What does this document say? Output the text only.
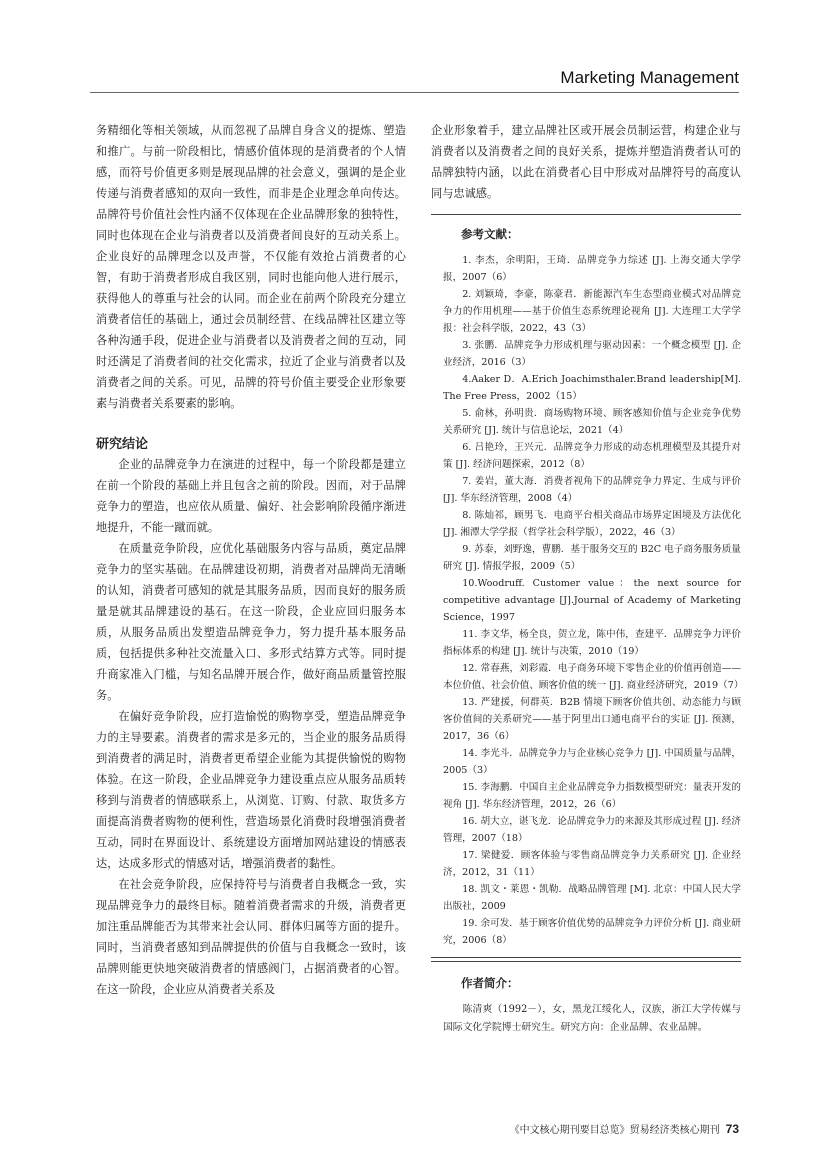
Marketing Management

务精细化等相关领域，从而忽视了品牌自身含义的提炼、塑造和推广。与前一阶段相比，情感价值体现的是消费者的个人情感，而符号价值更多则是展现品牌的社会意义，强调的是企业传递与消费者感知的双向一致性，而非是企业理念单向传达。品牌符号价值社会性内涵不仅体现在企业品牌形象的独特性，同时也体现在企业与消费者以及消费者间良好的互动关系上。企业良好的品牌理念以及声誉，不仅能有效抢占消费者的心智，有助于消费者形成自我区别，同时也能向他人进行展示，获得他人的尊重与社会的认同。而企业在前两个阶段充分建立消费者信任的基础上，通过会员制经营、在线品牌社区建立等各种沟通手段，促进企业与消费者以及消费者之间的互动，同时还满足了消费者间的社交化需求，拉近了企业与消费者以及消费者之间的关系。可见，品牌的符号价值主要受企业形象要素与消费者关系要素的影响。

研究结论

企业的品牌竞争力在演进的过程中，每一个阶段都是建立在前一个阶段的基础上并且包含之前的阶段。因而，对于品牌竞争力的塑造，也应依从质量、偏好、社会影响阶段循序渐进地提升，不能一蹴而就。

在质量竞争阶段，应优化基础服务内容与品质，奠定品牌竞争力的坚实基础。在品牌建设初期，消费者对品牌尚无清晰的认知，消费者可感知的就是其服务品质，因而良好的服务质量是就其品牌建设的基石。在这一阶段，企业应回归服务本质，从服务品质出发塑造品牌竞争力，努力提升基本服务品质，包括提供多种社交流量入口、多形式结算方式等。同时提升商家准入门槛，与知名品牌开展合作，做好商品质量管控服务。

在偏好竞争阶段，应打造愉悦的购物享受，塑造品牌竞争力的主导要素。消费者的需求是多元的，当企业的服务品质得到消费者的满足时，消费者更希望企业能为其提供愉悦的购物体验。在这一阶段，企业品牌竞争力建设重点应从服务品质转移到与消费者的情感联系上，从浏览、订购、付款、取货多方面提高消费者购物的便利性，营造场景化消费时段增强消费者互动，同时在界面设计、系统建设方面增加网站建设的情感表达，达成多形式的情感对话，增强消费者的黏性。

在社会竞争阶段，应保持符号与消费者自我概念一致，实现品牌竞争力的最终目标。随着消费者需求的升级，消费者更加注重品牌能否为其带来社会认同、群体归属等方面的提升。同时，当消费者感知到品牌提供的价值与自我概念一致时，该品牌则能更快地突破消费者的情感阀门，占据消费者的心智。在这一阶段，企业应从消费者关系及

企业形象着手，建立品牌社区或开展会员制运营，构建企业与消费者以及消费者之间的良好关系，提炼并塑造消费者认可的品牌独特内涵，以此在消费者心目中形成对品牌符号的高度认同与忠诚感。

参考文献：

1. 李杰，余明阳，王琦．品牌竞争力综述 [J]. 上海交通大学学报，2007（6）

2. 刘颖琦，李豪，陈豪君．新能源汽车生态型商业模式对品牌竞争力的作用机理——基于价值生态系统理论视角 [J]. 大连理工大学学报：社会科学版，2022，43（3）

3. 张鹏．品牌竞争力形成机理与驱动因素：一个概念模型 [J]. 企业经济，2016（3）

4.Aaker D．A.Erich Joachimsthaler.Brand leadership[M]. The Free Press，2002（15）

5. 俞林，孙明贵．商场购物环境、顾客感知价值与企业竞争优势关系研究 [J]. 统计与信息论坛，2021（4）

6. 吕艳玲，王兴元．品牌竞争力形成的动态机理模型及其提升对策 [J]. 经济问题探索，2012（8）

7. 姜岩，董大海．消费者视角下的品牌竞争力界定、生成与评价 [J]. 华东经济管理，2008（4）

8. 陈灿祁，顾男飞．电商平台相关商品市场界定困境及方法优化 [J]. 湘潭大学学报（哲学社会科学版），2022，46（3）

9. 苏泰，刘野逸，曹鹏．基于服务交互的 B2C 电子商务服务质量研究 [J]. 情报学报，2009（5）

10.Woodruff. Customer value：the next source for competitive advantage [J].Journal of Academy of Marketing Science，1997

11. 李文华，杨全良，贺立龙，陈中伟，查建平．品牌竞争力评价指标体系的构建 [J]. 统计与决策，2010（19）

12. 常春燕，刘彩霞．电子商务环境下零售企业的价值再创造——本位价值、社会价值、顾客价值的统一 [J]. 商业经济研究，2019（7）

13. 严建援，何群英．B2B 情境下顾客价值共创、动态能力与顾客价值间的关系研究——基于阿里出口通电商平台的实证 [J]. 预测，2017，36（6）

14. 李光斗．品牌竞争力与企业核心竞争力 [J]. 中国质量与品牌，2005（3）

15. 李海鹏．中国自主企业品牌竞争力指数模型研究：量表开发的视角 [J]. 华东经济管理，2012，26（6）

16. 胡大立，谌飞龙．论品牌竞争力的来源及其形成过程 [J]. 经济管理，2007（18）

17. 梁健爱．顾客体验与零售商品牌竞争力关系研究 [J]. 企业经济，2012，31（11）

18. 凯文・莱恩・凯勒．战略品牌管理 [M]. 北京：中国人民大学出版社，2009

19. 余可发．基于顾客价值优势的品牌竞争力评价分析 [J]. 商业研究，2006（8）

作者简介：

陈清爽（1992－），女，黑龙江绥化人，汉族，浙江大学传媒与国际文化学院博士研究生。研究方向：企业品牌、农业品牌。

《中文核心期刊要目总览》贸易经济类核心期刊 73
